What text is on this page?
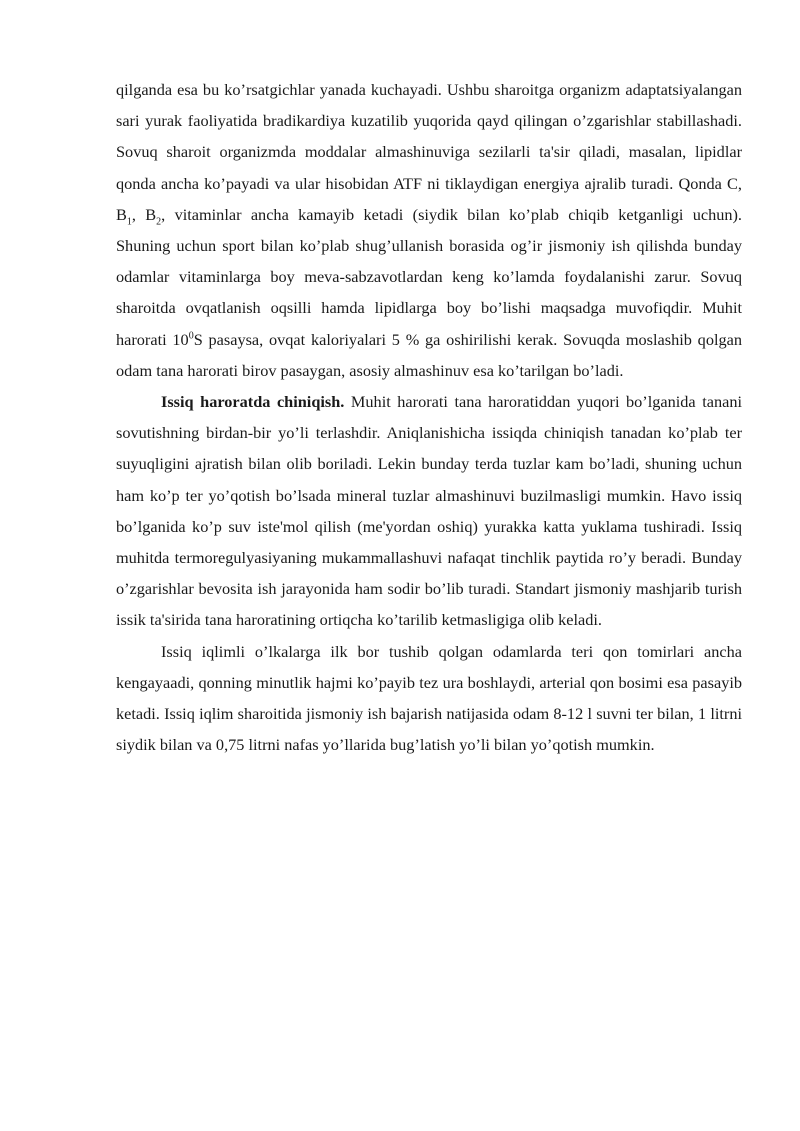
qilganda esa bu ko’rsatgichlar yanada kuchayadi. Ushbu sharoitga organizm adaptatsiyalangan sari yurak faoliyatida bradikardiya kuzatilib yuqorida qayd qilingan o’zgarishlar stabillashadi. Sovuq sharoit organizmda moddalar almashinuviga sezilarli ta'sir qiladi, masalan, lipidlar qonda ancha ko’payadi va ular hisobidan ATF ni tiklaydigan energiya ajralib turadi. Qonda C, $B_1$, $B_2$, vitaminlar ancha kamayib ketadi (siydik bilan ko’plab chiqib ketganligi uchun). Shuning uchun sport bilan ko’plab shug’ullanish borasida og’ir jismoniy ish qilishda bunday odamlar vitaminlarga boy meva-sabzavotlardan keng ko’lamda foydalanishi zarur. Sovuq sharoitda ovqatlanish oqsilli hamda lipidlarga boy bo’lishi maqsadga muvofiqdir. Muhit harorati $10^0S$ pasaysa, ovqat kaloriyalari 5 % ga oshirilishi kerak. Sovuqda moslashib qolgan odam tana harorati birov pasaygan, asosiy almashinuv esa ko’tarilgan bo’ladi.

Issiq haroratda chiniqish. Muhit harorati tana haroratiddan yuqori bo’lganida tanani sovutishning birdan-bir yo’li terlashdir. Aniqlanishicha issiqda chiniqish tanadan ko’plab ter suyuqligini ajratish bilan olib boriladi. Lekin bunday terda tuzlar kam bo’ladi, shuning uchun ham ko’p ter yo’qotish bo’lsada mineral tuzlar almashinuvi buzilmasligi mumkin. Havo issiq bo’lganida ko’p suv iste'mol qilish (me'yordan oshiq) yurakka katta yuklama tushiradi. Issiq muhitda termoregulyasiyaning mukammallashuvi nafaqat tinchlik paytida ro’y beradi. Bunday o’zgarishlar bevosita ish jarayonida ham sodir bo’lib turadi. Standart jismoniy mashjarib turish issik ta'sirida tana haroratining ortiqcha ko’tarilib ketmasligiga olib keladi.

Issiq iqlimli o’lkalarga ilk bor tushib qolgan odamlarda teri qon tomirlari ancha kengayaadi, qonning minutlik hajmi ko’payib tez ura boshlaydi, arterial qon bosimi esa pasayib ketadi. Issiq iqlim sharoitida jismoniy ish bajarish natijasida odam 8-12 l suvni ter bilan, 1 litrni siydik bilan va 0,75 litrni nafas yo’llarida bug’latish yo’li bilan yo’qotish mumkin.
